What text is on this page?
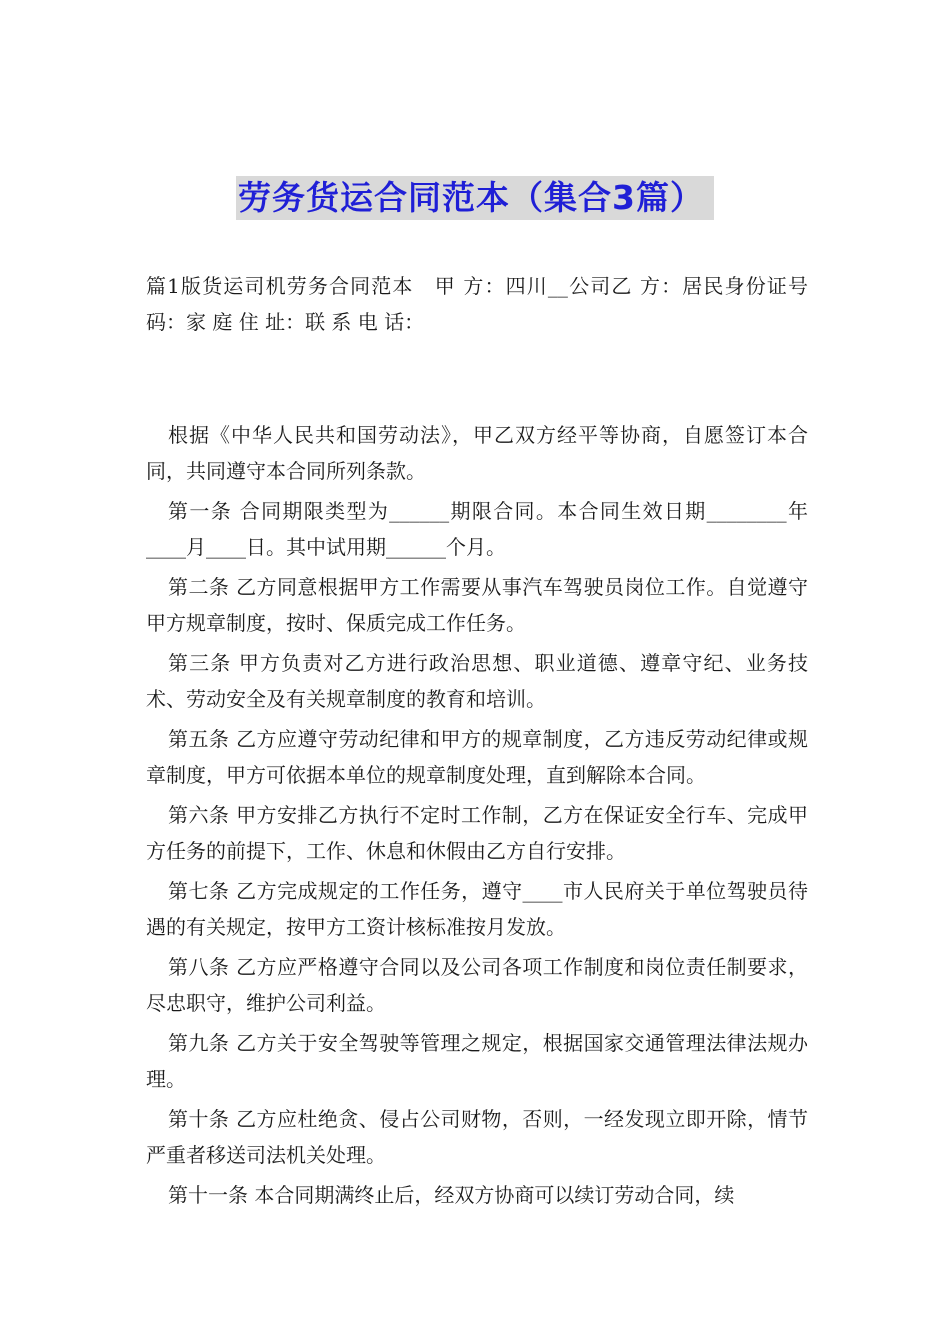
劳务货运合同范本（集合3篇）
篇1版货运司机劳务合同范本　甲 方：四川__公司乙 方：居民身份证号码：家 庭 住 址：联 系 电 话：

根据《中华人民共和国劳动法》，甲乙双方经平等协商，自愿签订本合同，共同遵守本合同所列条款。

第一条 合同期限类型为______期限合同。本合同生效日期________年____月____日。其中试用期______个月。

第二条 乙方同意根据甲方工作需要从事汽车驾驶员岗位工作。自觉遵守甲方规章制度，按时、保质完成工作任务。

第三条 甲方负责对乙方进行政治思想、职业道德、遵章守纪、业务技术、劳动安全及有关规章制度的教育和培训。

第五条 乙方应遵守劳动纪律和甲方的规章制度，乙方违反劳动纪律或规章制度，甲方可依据本单位的规章制度处理，直到解除本合同。

第六条 甲方安排乙方执行不定时工作制，乙方在保证安全行车、完成甲方任务的前提下，工作、休息和休假由乙方自行安排。

第七条 乙方完成规定的工作任务，遵守____市人民府关于单位驾驶员待遇的有关规定，按甲方工资计核标准按月发放。

第八条 乙方应严格遵守合同以及公司各项工作制度和岗位责任制要求，尽忠职守，维护公司利益。

第九条 乙方关于安全驾驶等管理之规定，根据国家交通管理法律法规办理。

第十条 乙方应杜绝贪、侵占公司财物，否则，一经发现立即开除，情节严重者移送司法机关处理。

第十一条 本合同期满终止后，经双方协商可以续订劳动合同，续
